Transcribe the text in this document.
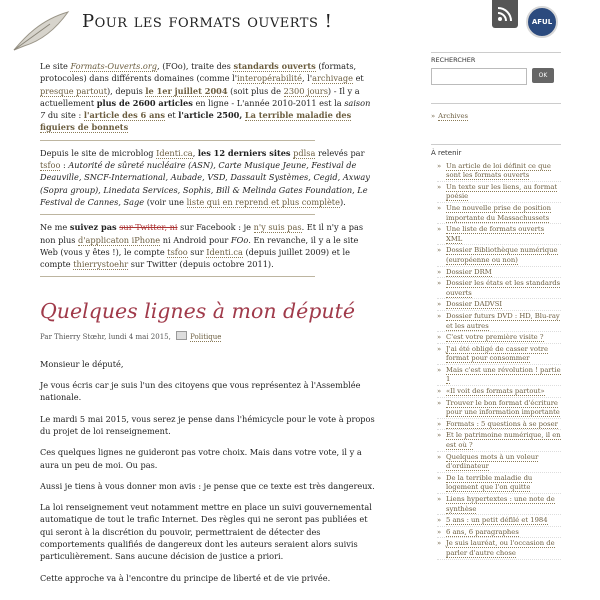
Pour les formats ouverts !	AFUL

Le site Formats-Ouverts.org, (FOo), traite des standards ouverts (formats, protocoles) dans différents domaines (comme l'interopérabilité, l'archivage et presque partout), depuis le 1er juillet 2004 (soit plus de 2300 jours) - Il y a actuellement plus de 2600 articles en ligne - L'année 2010-2011 est la saison 7 du site : l'article des 6 ans et l'article 2500, La terrible maladie des figuiers de bonnets

Depuis le site de microblog Identi.ca, les 12 derniers sites pdlsa relevés par tsfoo : Autorité de sûreté nucléaire (ASN), Carte Musique Jeune, Festival de Deauville, SNCF-International, Aubade, VSD, Dassault Systèmes, Cegid, Axway (Sopra group), Linedata Services, Sophis, Bill & Melinda Gates Foundation, Le Festival de Cannes, Sage (voir une liste qui en reprend et plus complète).

Ne me suivez pas sur Twitter, ni sur Facebook : je n'y suis pas. Et il n'y a pas non plus d'applicaton iPhone ni Android pour FOo. En revanche, il y a le site Web (vous y êtes !), le compte tsfoo sur Identi.ca (depuis juillet 2009) et le compte thierrystoehr sur Twitter (depuis octobre 2011).

Quelques lignes à mon député
Par Thierry Stœhr, lundi 4 mai 2015,	Politique

Monsieur le député,

Je vous écris car je suis l'un des citoyens que vous représentez à l'Assemblée nationale.

Le mardi 5 mai 2015, vous serez je pense dans l'hémicycle pour le vote à propos du projet de loi renseignement.

Ces quelques lignes ne guideront pas votre choix. Mais dans votre vote, il y a aura un peu de moi. Ou pas.

Aussi je tiens à vous donner mon avis : je pense que ce texte est très dangereux.

La loi renseignement veut notamment mettre en place un suivi gouvernemental automatique de tout le trafic Internet. Des règles qui ne seront pas publiées et qui seront à la discrétion du pouvoir, permettraient de détecter des comportements qualifiés de dangereux dont les auteurs seraient alors suivis particulièrement. Sans aucune décision de justice a priori.

Cette approche va à l'encontre du principe de liberté et de vie privée.

RECHERCHER
OK
» Archives
À retenir
» Un article de loi définit ce que sont les formats ouverts
» Un texte sur les liens, au format poésie
» Une nouvelle prise de position importante du Massachussets
» Une liste de formats ouverts XML
» Dossier Bibliothèque numérique (européenne ou non)
» Dossier DRM
» Dossier les états et les standards ouverts
» Dossier DADVSI
» Dossier futurs DVD : HD, Blu-ray et les autres
» C'est votre première visite ?
» J'ai été obligé de casser votre format pour consommer
» Mais c'est une révolution ! partie 1
» «Il voit des formats partout»
» Trouver le bon format d'écriture pour une information importante
» Formats : 5 questions à se poser
» Et le patrimoine numérique, il en est où ?
» Quelques mots à un voleur d'ordinateur
» De la terrible maladie du logement que l'on quitte
» Liens hypertextes : une note de synthèse
» 5 ans : un petit défilé et 1984
» 6 ans, 6 paragraphes
» Je suis lauréat, ou l'occasion de parler d'autre chose
